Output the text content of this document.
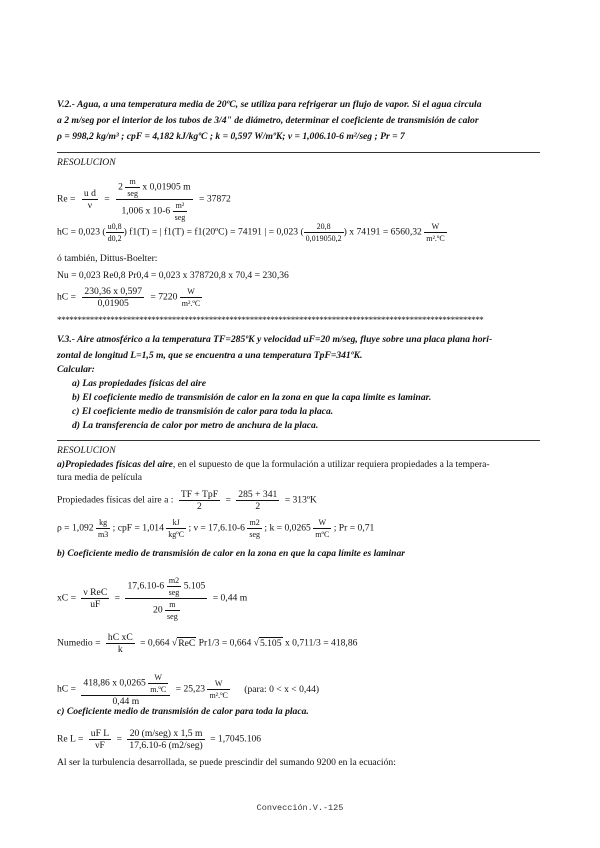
V.2.- Agua, a una temperatura media de 20ºC, se utiliza para refrigerar un flujo de vapor. Si el agua circula
a 2 m/seg por el interior de los tubos de 3/4" de diámetro, determinar el coeficiente de transmisión de calor
ρ = 998,2 kg/m³ ; cpF = 4,182 kJ/kgºC ; k = 0,597 W/mºK; ν = 1,006.10-6 m²/seg ; Pr = 7
RESOLUCION
$Re = \frac{\text{u d}}{\nu} = \frac{2 \frac{m}{\text{seg}} x 0,01905 m}{1,006 x 10-6 \frac{\text{m²}}{\text{seg}}} = 37872$
hC = 0,023 ( $\frac{u0,8}{d0,2}$ ) f1(T) = | f1(T) = f1(20ºC) = 74191 | = 0,023 ( $\frac{20,8}{0,019050,2}$ ) x $74191 = 6560,32 \frac{W}{\text{m².ºC}}$
ó también, Dittus-Boelter:
Nu = 0,023 Re0,8 Pr0,4 = 0,023 x 378720,8 x 70,4 = 230,36
hC = $\frac{230,36 x 0,597}{0,01905} = 7220 \frac{W}{\text{m².ºC}}$
********************************************************************************************************
V.3.- Aire atmosférico a la temperatura TF=285ºK y velocidad uF=20 m/seg, fluye sobre una placa plana hori-
zontal de longitud L=1,5 m, que se encuentra a una temperatura TpF=341ºK.
Calcular:
a) Las propiedades físicas del aire
b) El coeficiente medio de transmisión de calor en la zona en que la capa límite es laminar.
c) El coeficiente medio de transmisión de calor para toda la placa.
d) La transferencia de calor por metro de anchura de la placa.
RESOLUCION
a)Propiedades físicas del aire, en el supuesto de que la formulación a utilizar requiera propiedades a la tempera-
tura media de película
Propiedades físicas del aire a : $\frac{\text{TF + TpF}}{2} = \frac{285 + 341}{2}$ = 313ºK
$\rho = 1,092 \frac{kg}{m3}$ ; cpF = $1,014 \frac{kJ}{\text{kgºC}}$ ; $\nu = 17,6.10-6 \frac{m2}{\text{seg}}$ ; $k = 0,0265 \frac{W}{\text{mºC}}$ ; Pr = 0,71
b) Coeficiente medio de transmisión de calor en la zona en que la capa límite es laminar
xC = $\frac{\text{ν ReC}}{uF} = \frac{17,6.10-6 \frac{m2}{\text{seg}} 5.105}{20 \frac{m}{\text{seg}}} = 0,44$ m
Numedio = $\frac{\text{hC xC}}{k} = 0,664$ √ReC Pr1/3 = 0,664 √5.105 x 0,711/3 = 418,86
hC = $\frac{418,86 x 0,0265 \frac{W}{\text{m.ºC}}}{0,44 m} = 25,23 \frac{W}{\text{m².ºC}}$ (para: 0 < x < 0,44)
c) Coeficiente medio de transmisión de calor para toda la placa.
Re $L = \frac{\text{uF L}}{\nu F} = \frac{\text{20 (m/seg) x 1,5 m}}{\text{17,6.10-6 (m2/seg)}} = 1,7045.106$
Al ser la turbulencia desarrollada, se puede prescindir del sumando 9200 en la ecuación:
Convección.V.-125
